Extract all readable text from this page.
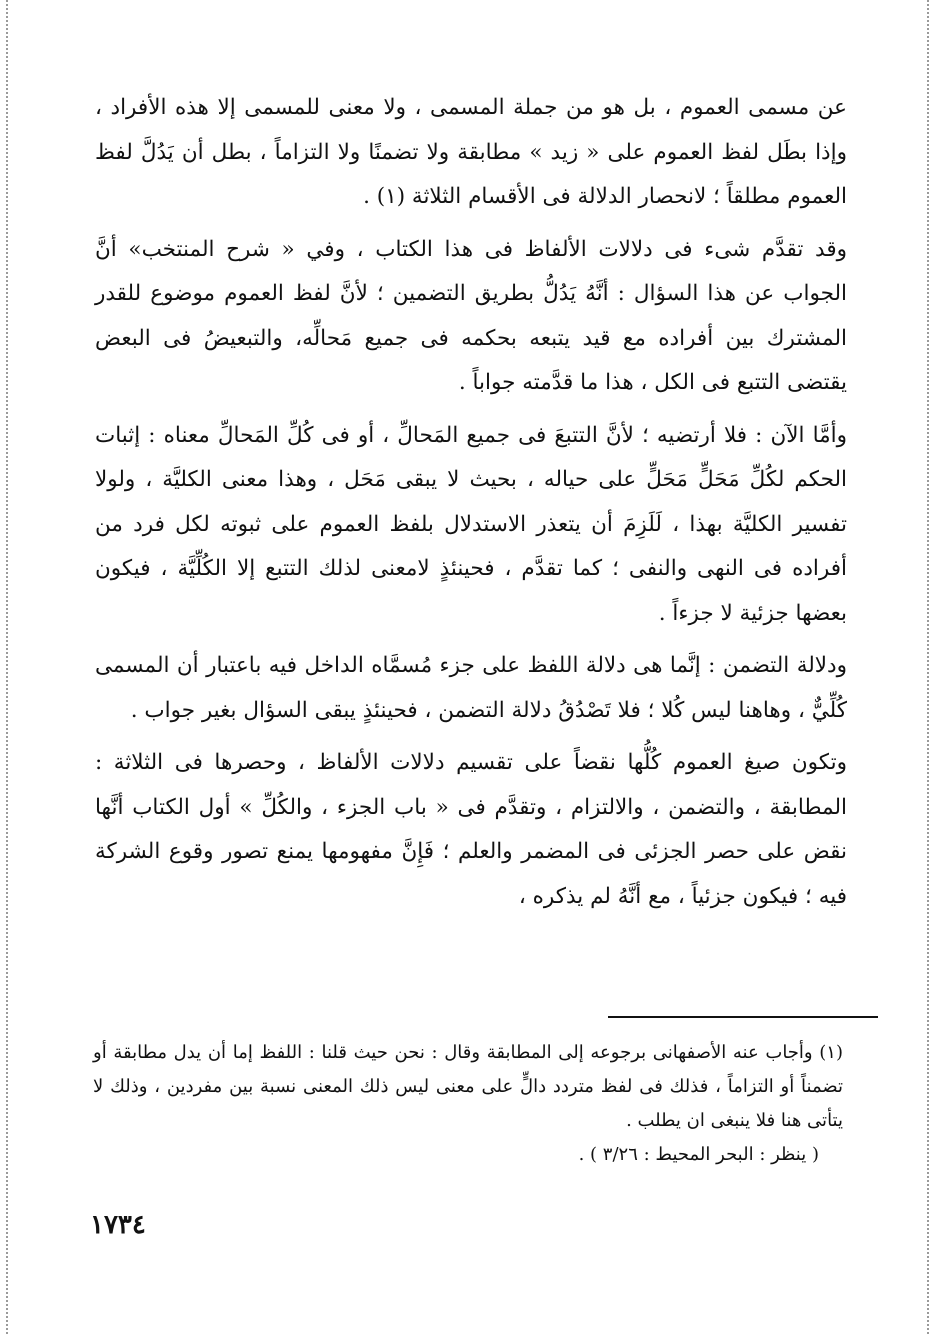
عن مسمى العموم ، بل هو من جملة المسمى ، ولا معنى للمسمى إلا هذه الأفراد ، وإذا بطَل لفظ العموم على « زيد » مطابقة ولا تضمنًا ولا التزاماً ، بطل أن يَدُلَّ لفظ العموم مطلقاً ؛ لانحصار الدلالة فى الأقسام الثلاثة (١) .

وقد تقدَّم شىء فى دلالات الألفاظ فى هذا الكتاب ، وفي « شرح المنتخب» أنَّ الجواب عن هذا السؤال : أنَّهُ يَدُلُّ بطريق التضمين ؛ لأنَّ لفظ العموم موضوع للقدر المشترك بين أفراده مع قيد يتبعه بحكمه فى جميع مَحالِّه، والتبعيضُ فى البعض يقتضى التتبع فى الكل ، هذا ما قدَّمته جواباً .

وأمَّا الآن : فلا أرتضيه ؛ لأنَّ التتبعَ فى جميع المَحالِّ ، أو فى كُلِّ المَحالِّ معناه : إثبات الحكم لكُلِّ مَحَلٍّ مَحَلٍّ على حياله ، بحيث لا يبقى مَحَل ، وهذا معنى الكليَّة ، ولولا تفسير الكليَّة بهذا ، لَلَزِمَ أن يتعذر الاستدلال بلفظ العموم على ثبوته لكل فرد من أفراده فى النهى والنفى ؛ كما تقدَّم ، فحينئذٍ لامعنى لذلك التتبع إلا الكُلِّيَّة ، فيكون بعضها جزئية لا جزءاً .

ودلالة التضمن : إنَّما هى دلالة اللفظ على جزء مُسمَّاه الداخل فيه باعتبار أن المسمى كُلِّيٌّ ، وهاهنا ليس كُلا ؛ فلا تَصْدُقُ دلالة التضمن ، فحينئذٍ يبقى السؤال بغير جواب .

وتكون صيغ العموم كُلُّها نقضاً على تقسيم دلالات الألفاظ ، وحصرها فى الثلاثة : المطابقة ، والتضمن ، والالتزام ، وتقدَّم فى « باب الجزء ، والكُلِّ » أول الكتاب أنَّها نقض على حصر الجزئى فى المضمر والعلم ؛ فَإِنَّ مفهومها يمنع تصور وقوع الشركة فيه ؛ فيكون جزئياً ، مع أنَّهُ لم يذكره ،

(١) وأجاب عنه الأصفهانى برجوعه إلى المطابقة وقال : نحن حيث قلنا : اللفظ إما أن يدل مطابقة أو تضمناً أو التزاماً ، فذلك فى لفظ متردد دالٍّ على معنى ليس ذلك المعنى نسبة بين مفردين ، وذلك لا يتأتى هنا فلا ينبغى ان يطلب .

( ينظر : البحر المحيط : ٣/٢٦ ) .

١٧٣٤
